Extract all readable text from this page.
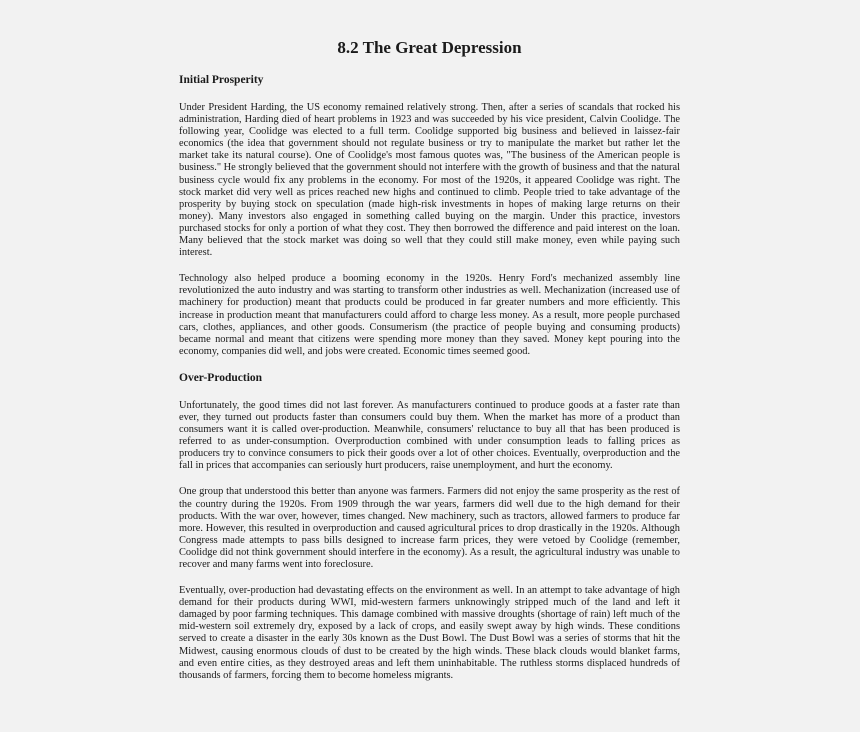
8.2 The Great Depression
Initial Prosperity

Under President Harding, the US economy remained relatively strong. Then, after a series of scandals that rocked his administration, Harding died of heart problems in 1923 and was succeeded by his vice president, Calvin Coolidge. The following year, Coolidge was elected to a full term. Coolidge supported big business and believed in laissez-fair economics (the idea that government should not regulate business or try to manipulate the market but rather let the market take its natural course). One of Coolidge's most famous quotes was, "The business of the American people is business." He strongly believed that the government should not interfere with the growth of business and that the natural business cycle would fix any problems in the economy. For most of the 1920s, it appeared Coolidge was right. The stock market did very well as prices reached new highs and continued to climb. People tried to take advantage of the prosperity by buying stock on speculation (made high-risk investments in hopes of making large returns on their money). Many investors also engaged in something called buying on the margin. Under this practice, investors purchased stocks for only a portion of what they cost. They then borrowed the difference and paid interest on the loan. Many believed that the stock market was doing so well that they could still make money, even while paying such interest.

Technology also helped produce a booming economy in the 1920s. Henry Ford's mechanized assembly line revolutionized the auto industry and was starting to transform other industries as well. Mechanization (increased use of machinery for production) meant that products could be produced in far greater numbers and more efficiently. This increase in production meant that manufacturers could afford to charge less money. As a result, more people purchased cars, clothes, appliances, and other goods. Consumerism (the practice of people buying and consuming products) became normal and meant that citizens were spending more money than they saved. Money kept pouring into the economy, companies did well, and jobs were created. Economic times seemed good.

Over-Production

Unfortunately, the good times did not last forever. As manufacturers continued to produce goods at a faster rate than ever, they turned out products faster than consumers could buy them. When the market has more of a product than consumers want it is called over-production. Meanwhile, consumers' reluctance to buy all that has been produced is referred to as under-consumption. Overproduction combined with under consumption leads to falling prices as producers try to convince consumers to pick their goods over a lot of other choices. Eventually, overproduction and the fall in prices that accompanies can seriously hurt producers, raise unemployment, and hurt the economy.

One group that understood this better than anyone was farmers. Farmers did not enjoy the same prosperity as the rest of the country during the 1920s. From 1909 through the war years, farmers did well due to the high demand for their products. With the war over, however, times changed. New machinery, such as tractors, allowed farmers to produce far more. However, this resulted in overproduction and caused agricultural prices to drop drastically in the 1920s. Although Congress made attempts to pass bills designed to increase farm prices, they were vetoed by Coolidge (remember, Coolidge did not think government should interfere in the economy). As a result, the agricultural industry was unable to recover and many farms went into foreclosure.

Eventually, over-production had devastating effects on the environment as well. In an attempt to take advantage of high demand for their products during WWI, mid-western farmers unknowingly stripped much of the land and left it damaged by poor farming techniques. This damage combined with massive droughts (shortage of rain) left much of the mid-western soil extremely dry, exposed by a lack of crops, and easily swept away by high winds. These conditions served to create a disaster in the early 30s known as the Dust Bowl. The Dust Bowl was a series of storms that hit the Midwest, causing enormous clouds of dust to be created by the high winds. These black clouds would blanket farms, and even entire cities, as they destroyed areas and left them uninhabitable. The ruthless storms displaced hundreds of thousands of farmers, forcing them to become homeless migrants.
